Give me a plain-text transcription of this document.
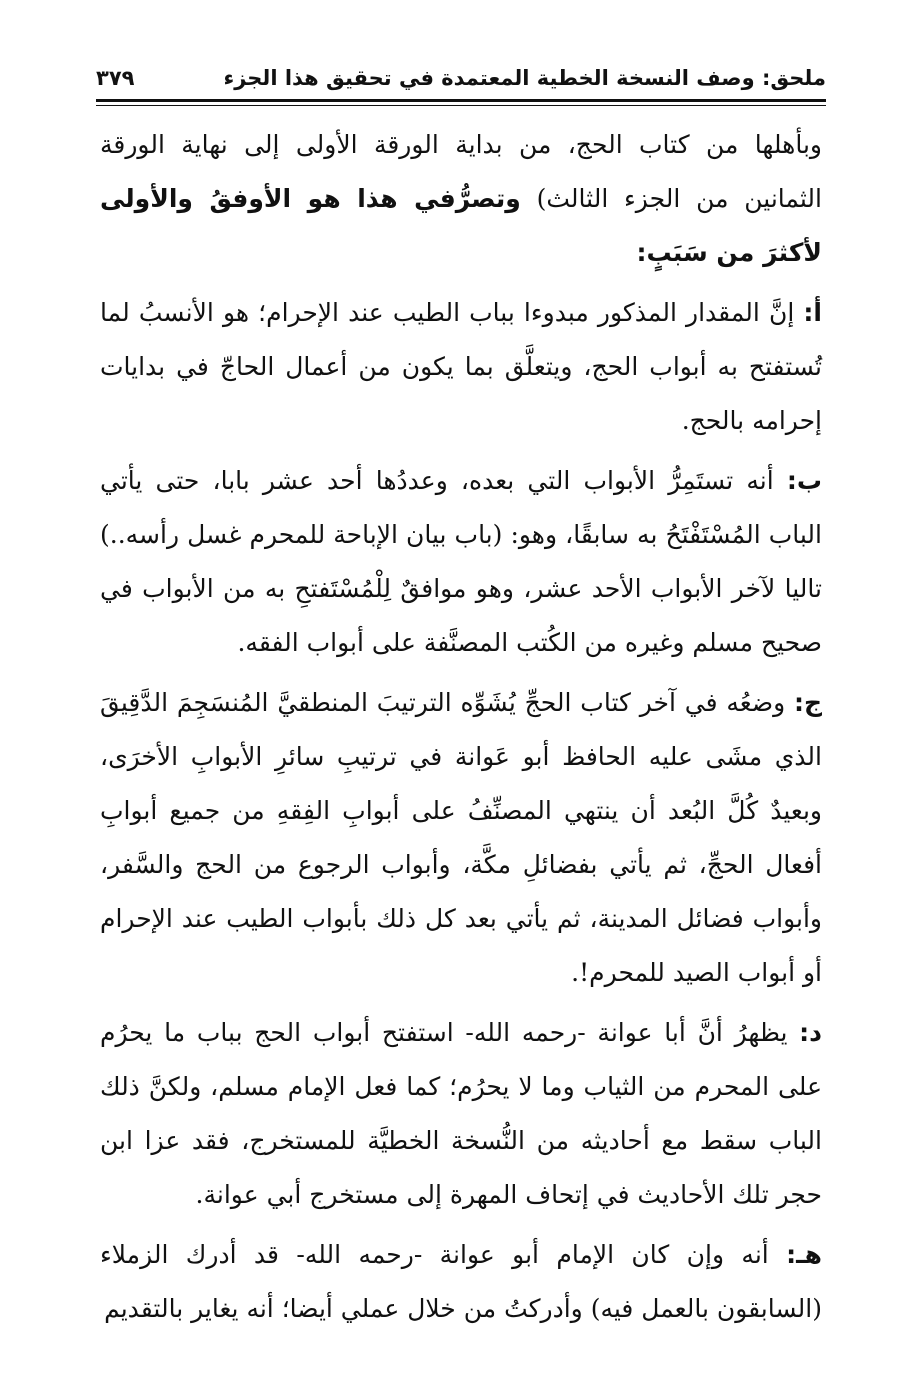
ملحق: وصف النسخة الخطية المعتمدة في تحقيق هذا الجزء
٣٧٩

وبأهلها من كتاب الحج، من بداية الورقة الأولى إلى نهاية الورقة الثمانين من الجزء الثالث) وتصرُّفي هذا هو الأوفقُ والأولى لأكثرَ من سَبَبٍ:

أ: إنَّ المقدار المذكور مبدوءا بباب الطيب عند الإحرام؛ هو الأنسبُ لما تُستفتح به أبواب الحج، ويتعلَّق بما يكون من أعمال الحاجّ في بدايات إحرامه بالحج.

ب: أنه تستَمِرُّ الأبواب التي بعده، وعددُها أحد عشر بابا، حتى يأتي الباب المُسْتَفْتَحُ به سابقًا، وهو: (باب بيان الإباحة للمحرم غسل رأسه..) تاليا لآخر الأبواب الأحد عشر، وهو موافقٌ لِلْمُسْتَفتحِ به من الأبواب في صحيح مسلم وغيره من الكُتب المصنَّفة على أبواب الفقه.

ج: وضعُه في آخر كتاب الحجِّ يُشَوِّه الترتيبَ المنطقيَّ المُنسَجِمَ الدَّقِيقَ الذي مشَى عليه الحافظ أبو عَوانة في ترتيبِ سائرِ الأبوابِ الأخرَى، وبعيدٌ كُلَّ البُعد أن ينتهي المصنِّفُ على أبوابِ الفِقهِ من جميع أبوابِ أفعال الحجِّ، ثم يأتي بفضائلِ مكَّة، وأبواب الرجوع من الحج والسَّفر، وأبواب فضائل المدينة، ثم يأتي بعد كل ذلك بأبواب الطيب عند الإحرام أو أبواب الصيد للمحرم!.

د: يظهرُ أنَّ أبا عوانة -رحمه الله- استفتح أبواب الحج بباب ما يحرُم على المحرم من الثياب وما لا يحرُم؛ كما فعل الإمام مسلم، ولكنَّ ذلك الباب سقط مع أحاديثه من النُّسخة الخطيَّة للمستخرج، فقد عزا ابن حجر تلك الأحاديث في إتحاف المهرة إلى مستخرج أبي عوانة.

هـ: أنه وإن كان الإمام أبو عوانة -رحمه الله- قد أدرك الزملاء (السابقون بالعمل فيه) وأدركتُ من خلال عملي أيضا؛ أنه يغاير بالتقديم
